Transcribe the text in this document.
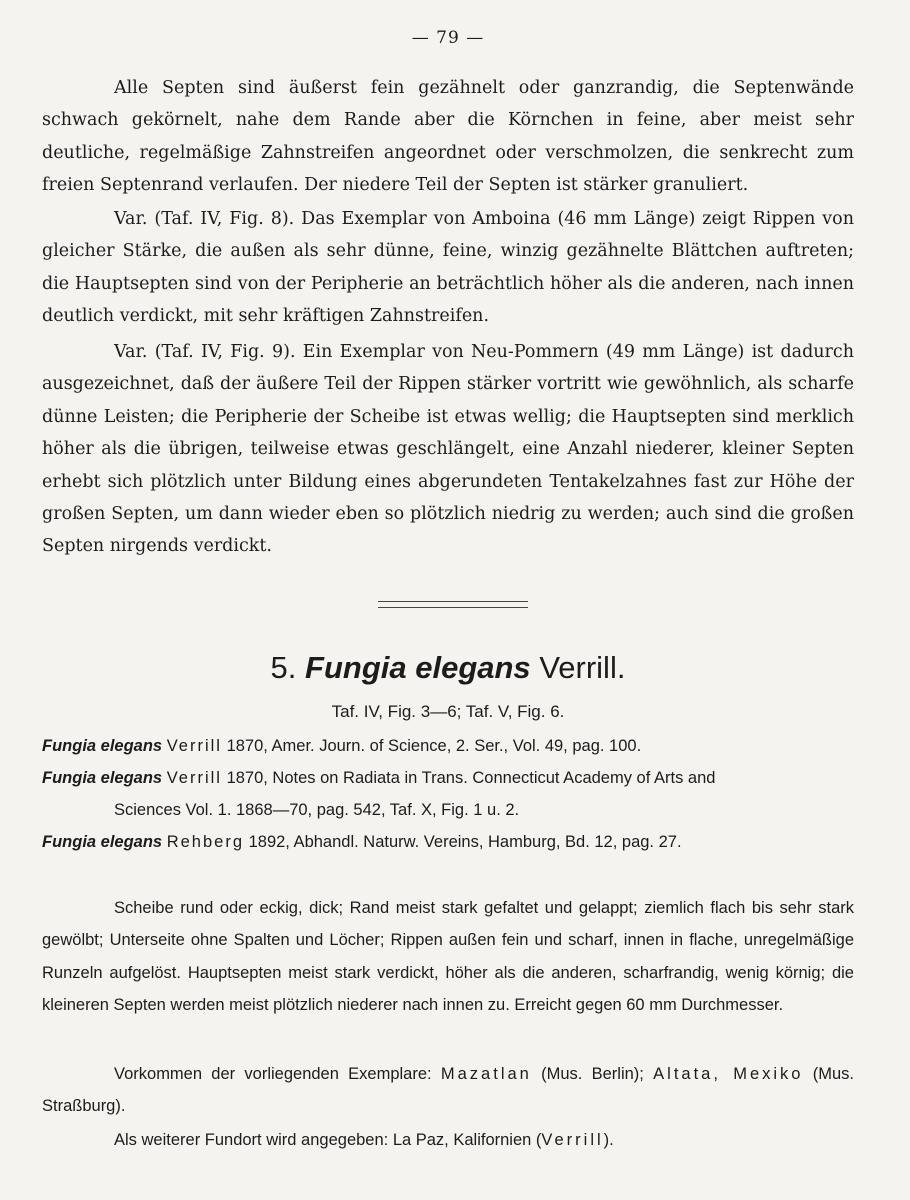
— 79 —

Alle Septen sind äußerst fein gezähnelt oder ganzrandig, die Septenwände schwach gekörnelt, nahe dem Rande aber die Körnchen in feine, aber meist sehr deutliche, regelmäßige Zahnstreifen angeordnet oder verschmolzen, die senkrecht zum freien Septenrand verlaufen. Der niedere Teil der Septen ist stärker granuliert.

Var. (Taf. IV, Fig. 8). Das Exemplar von Amboina (46 mm Länge) zeigt Rippen von gleicher Stärke, die außen als sehr dünne, feine, winzig gezähnelte Blättchen auftreten; die Hauptsepten sind von der Peripherie an beträchtlich höher als die anderen, nach innen deutlich verdickt, mit sehr kräftigen Zahnstreifen.

Var. (Taf. IV, Fig. 9). Ein Exemplar von Neu-Pommern (49 mm Länge) ist dadurch ausgezeichnet, daß der äußere Teil der Rippen stärker vortritt wie gewöhnlich, als scharfe dünne Leisten; die Peripherie der Scheibe ist etwas wellig; die Hauptsepten sind merklich höher als die übrigen, teilweise etwas geschlängelt, eine Anzahl niederer, kleiner Septen erhebt sich plötzlich unter Bildung eines abgerundeten Tentakelzahnes fast zur Höhe der großen Septen, um dann wieder eben so plötzlich niedrig zu werden; auch sind die großen Septen nirgends verdickt.

5. Fungia elegans Verrill.
Taf. IV, Fig. 3—6; Taf. V, Fig. 6.
Fungia elegans Verrill 1870, Amer. Journ. of Science, 2. Ser., Vol. 49, pag. 100.
Fungia elegans Verrill 1870, Notes on Radiata in Trans. Connecticut Academy of Arts and
Sciences Vol. 1. 1868—70, pag. 542, Taf. X, Fig. 1 u. 2.
Fungia elegans Rehberg 1892, Abhandl. Naturw. Vereins, Hamburg, Bd. 12, pag. 27.

Scheibe rund oder eckig, dick; Rand meist stark gefaltet und gelappt; ziemlich flach bis sehr stark gewölbt; Unterseite ohne Spalten und Löcher; Rippen außen fein und scharf, innen in flache, unregelmäßige Runzeln aufgelöst. Hauptsepten meist stark verdickt, höher als die anderen, scharfrandig, wenig körnig; die kleineren Septen werden meist plötzlich niederer nach innen zu. Erreicht gegen 60 mm Durchmesser.

Vorkommen der vorliegenden Exemplare: Mazatlan (Mus. Berlin); Altata, Mexiko (Mus. Straßburg).

Als weiterer Fundort wird angegeben: La Paz, Kalifornien (Verrill).
